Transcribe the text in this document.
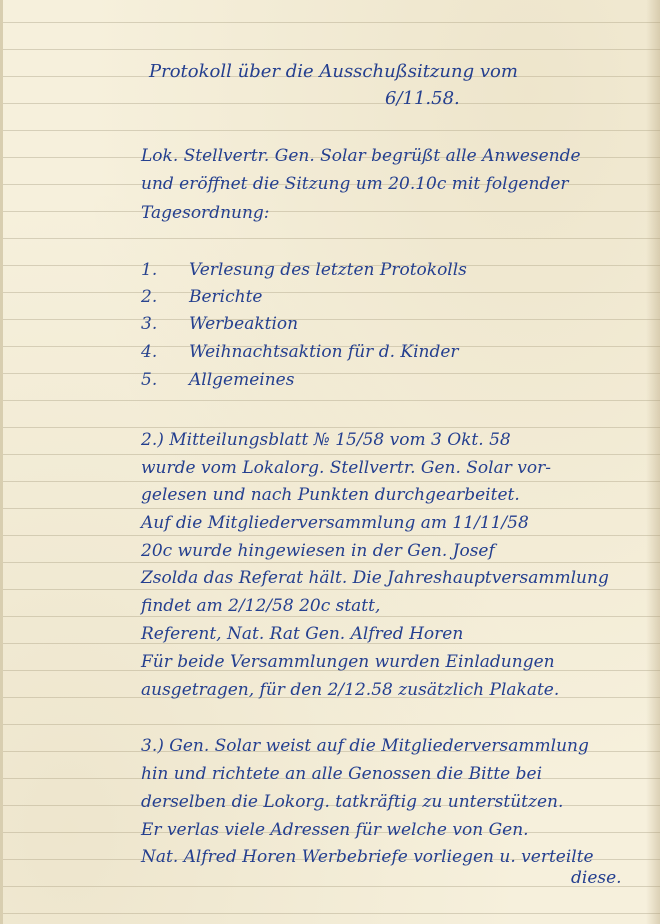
Protokoll über die Ausschußsitzung vom
6/11.58.
Lok. Stellvertr. Gen. Solar begrüßt alle Anwesende
und eröffnet die Sitzung um 20.10c mit folgender
Tagesordnung:
1. Verlesung des letzten Protokolls
2. Berichte
3. Werbeaktion
4. Weihnachtsaktion für d. Kinder
5. Allgemeines
2.) Mitteilungsblatt № 15/58 vom 3 Okt. 58
wurde vom Lokalorg. Stellvertr. Gen. Solar vor-
gelesen und nach Punkten durchgearbeitet.
Auf die Mitgliederversammlung am 11/11/58
20c wurde hingewiesen in der Gen. Josef
Zsolda das Referat hält. Die Jahreshauptversammlung
findet am 2/12/58 20c statt,
Referent, Nat. Rat Gen. Alfred Horen
Für beide Versammlungen wurden Einladungen
ausgetragen, für den 2/12.58 zusätzlich Plakate.
3.) Gen. Solar weist auf die Mitgliederversammlung
hin und richtete an alle Genossen die Bitte bei
derselben die Lokorg. tatkräftig zu unterstützen.
Er verlas viele Adressen für welche von Gen.
Nat. Alfred Horen Werbebriefe vorliegen u. verteilte
diese.
